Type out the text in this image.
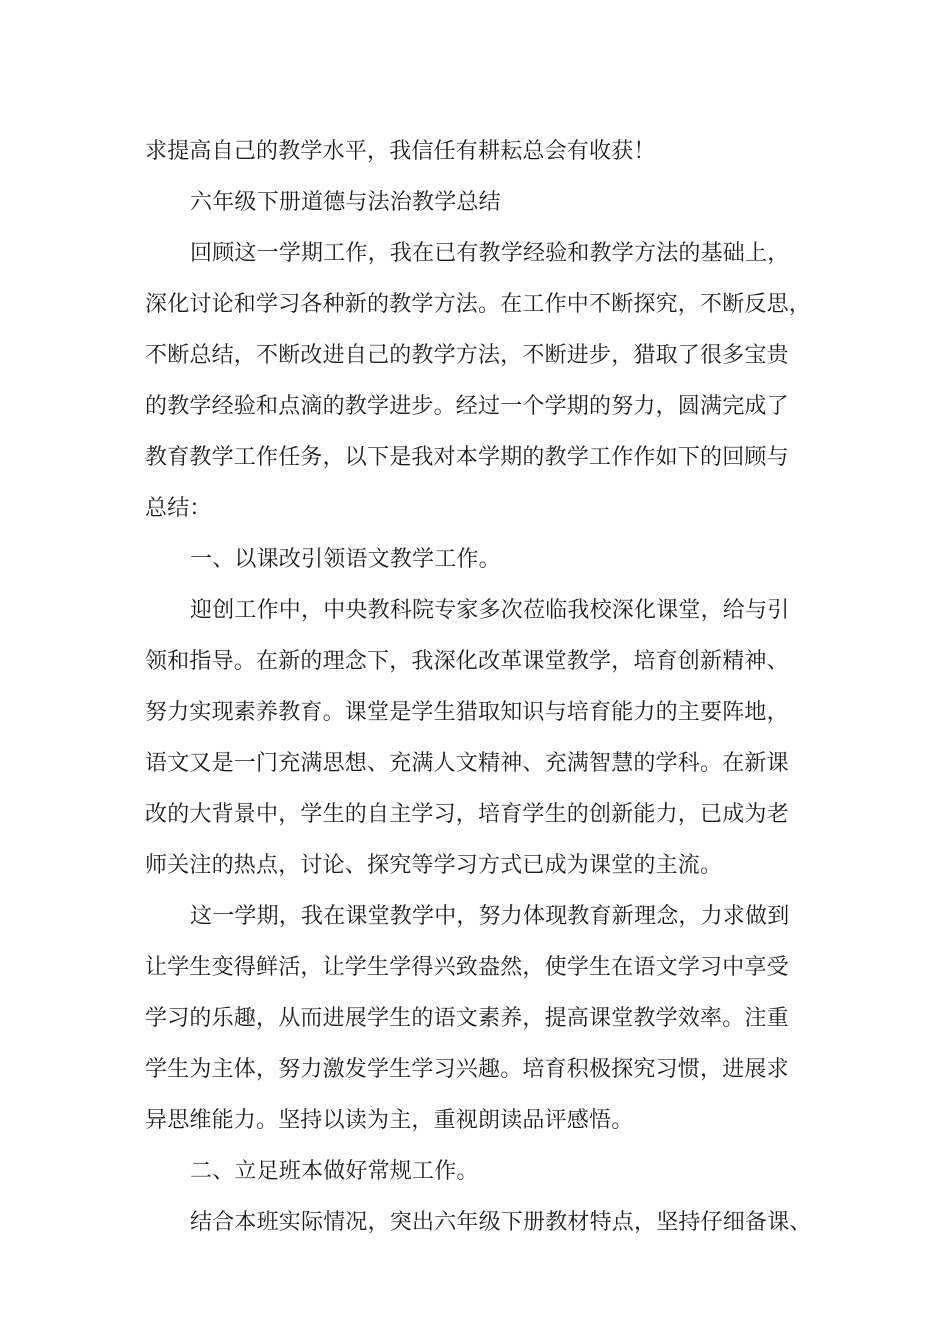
求提高自己的教学水平，我信任有耕耘总会有收获！
六年级下册道德与法治教学总结
回顾这一学期工作，我在已有教学经验和教学方法的基础上，
深化讨论和学习各种新的教学方法。在工作中不断探究，不断反思，
不断总结，不断改进自己的教学方法，不断进步，猎取了很多宝贵
的教学经验和点滴的教学进步。经过一个学期的努力，圆满完成了
教育教学工作任务，以下是我对本学期的教学工作作如下的回顾与
总结：
一、以课改引领语文教学工作。
迎创工作中，中央教科院专家多次莅临我校深化课堂，给与引
领和指导。在新的理念下，我深化改革课堂教学，培育创新精神、
努力实现素养教育。课堂是学生猎取知识与培育能力的主要阵地，
语文又是一门充满思想、充满人文精神、充满智慧的学科。在新课
改的大背景中，学生的自主学习，培育学生的创新能力，已成为老
师关注的热点，讨论、探究等学习方式已成为课堂的主流。
这一学期，我在课堂教学中，努力体现教育新理念，力求做到
让学生变得鲜活，让学生学得兴致盎然，使学生在语文学习中享受
学习的乐趣，从而进展学生的语文素养，提高课堂教学效率。注重
学生为主体，努力激发学生学习兴趣。培育积极探究习惯，进展求
异思维能力。坚持以读为主，重视朗读品评感悟。
二、立足班本做好常规工作。
结合本班实际情况，突出六年级下册教材特点，坚持仔细备课、
